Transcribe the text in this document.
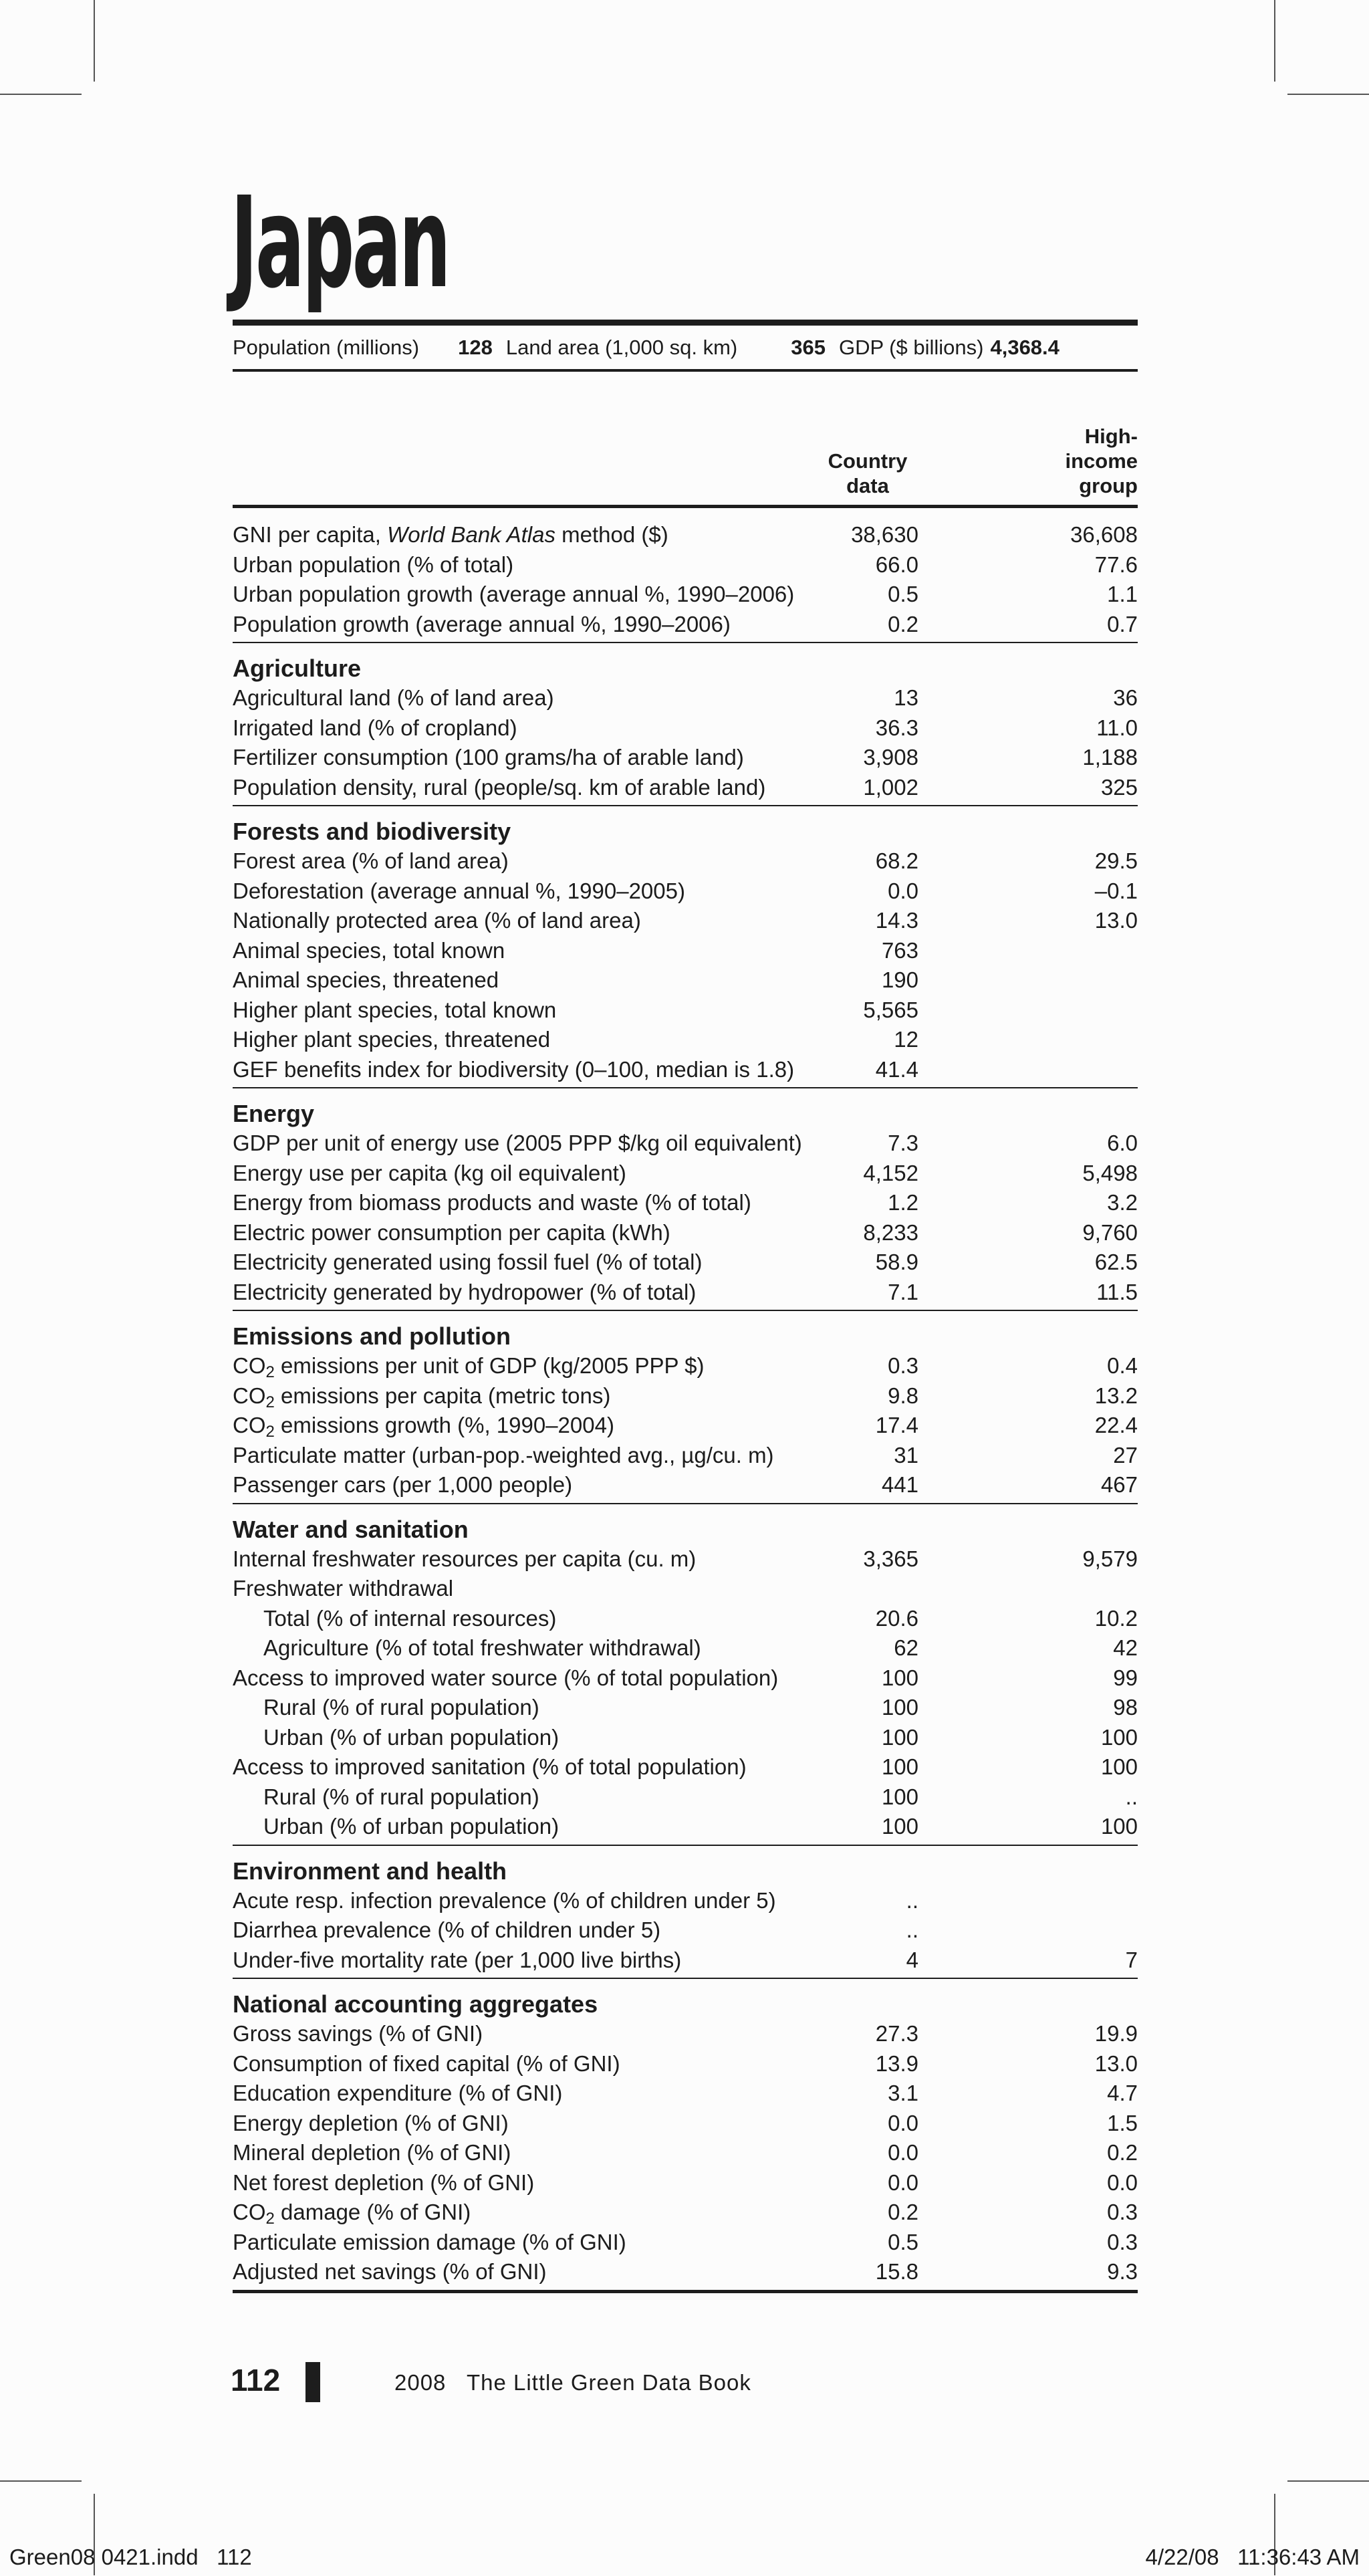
Japan
Population (millions) 128 Land area (1,000 sq. km)	365 GDP ($ billions) 4,368.4
Country
data
High-
income
group
GNI per capita, World Bank Atlas method ($)	38,630	36,608
Urban population (% of total)	66.0	77.6
Urban population growth (average annual %, 1990–2006)	0.5	1.1
Population growth (average annual %, 1990–2006)	0.2	0.7
Agriculture
Agricultural land (% of land area)	13	36
Irrigated land (% of cropland)	36.3	11.0
Fertilizer consumption (100 grams/ha of arable land)	3,908	1,188
Population density, rural (people/sq. km of arable land)	1,002	325
Forests and biodiversity
Forest area (% of land area)	68.2	29.5
Deforestation (average annual %, 1990–2005)	0.0	–0.1
Nationally protected area (% of land area)	14.3	13.0
Animal species, total known	763
Animal species, threatened	190
Higher plant species, total known	5,565
Higher plant species, threatened	12
GEF benefits index for biodiversity (0–100, median is 1.8)	41.4
Energy
GDP per unit of energy use (2005 PPP $/kg oil equivalent)	7.3	6.0
Energy use per capita (kg oil equivalent)	4,152	5,498
Energy from biomass products and waste (% of total)	1.2	3.2
Electric power consumption per capita (kWh)	8,233	9,760
Electricity generated using fossil fuel (% of total)	58.9	62.5
Electricity generated by hydropower (% of total)	7.1	11.5
Emissions and pollution
$CO_2$ emissions per unit of GDP (kg/2005 PPP $)	0.3	0.4
$CO_2$ emissions per capita (metric tons)	9.8	13.2
$CO_2$ emissions growth (%, 1990–2004)	17.4	22.4
Particulate matter (urban-pop.-weighted avg., µg/cu. m)	31	27
Passenger cars (per 1,000 people)	441	467
Water and sanitation
Internal freshwater resources per capita (cu. m)	3,365	9,579
Freshwater withdrawal
Total (% of internal resources)	20.6	10.2
Agriculture (% of total freshwater withdrawal)	62	42
Access to improved water source (% of total population)	100	99
Rural (% of rural population)	100	98
Urban (% of urban population)	100	100
Access to improved sanitation (% of total population)	100	100
Rural (% of rural population)	100	..
Urban (% of urban population)	100	100
Environment and health
Acute resp. infection prevalence (% of children under 5)	..
Diarrhea prevalence (% of children under 5)	..
Under-five mortality rate (per 1,000 live births)	4	7
National accounting aggregates
Gross savings (% of GNI)	27.3	19.9
Consumption of fixed capital (% of GNI)	13.9	13.0
Education expenditure (% of GNI)	3.1	4.7
Energy depletion (% of GNI)	0.0	1.5
Mineral depletion (% of GNI)	0.0	0.2
Net forest depletion (% of GNI)	0.0	0.0
$CO_2$ damage (% of GNI)	0.2	0.3
Particulate emission damage (% of GNI)	0.5	0.3
Adjusted net savings (% of GNI)	15.8	9.3
112	2008 The Little Green Data Book
Green08 0421.indd   112	4/22/08   11:36:43 AM
